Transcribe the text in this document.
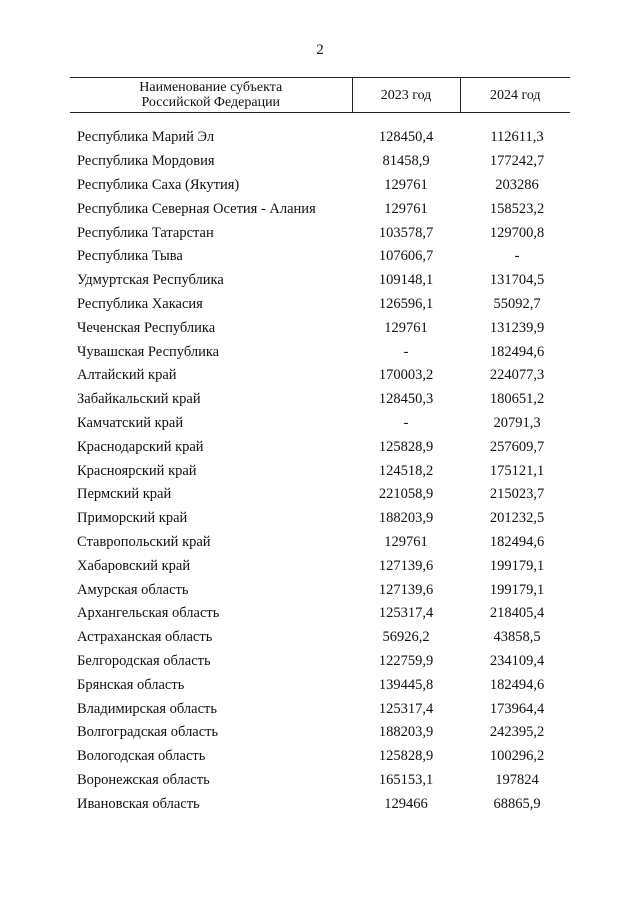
2
Наименование субъекта
Российской Федерации	2023 год	2024 год

Республика Марий Эл	128450,4	112611,3
Республика Мордовия	81458,9	177242,7
Республика Саха (Якутия)	129761	203286
Республика Северная Осетия - Алания	129761	158523,2
Республика Татарстан	103578,7	129700,8
Республика Тыва	107606,7	-
Удмуртская Республика	109148,1	131704,5
Республика Хакасия	126596,1	55092,7
Чеченская Республика	129761	131239,9
Чувашская Республика	-	182494,6
Алтайский край	170003,2	224077,3
Забайкальский край	128450,3	180651,2
Камчатский край	-	20791,3
Краснодарский край	125828,9	257609,7
Красноярский край	124518,2	175121,1
Пермский край	221058,9	215023,7
Приморский край	188203,9	201232,5
Ставропольский край	129761	182494,6
Хабаровский край	127139,6	199179,1
Амурская область	127139,6	199179,1
Архангельская область	125317,4	218405,4
Астраханская область	56926,2	43858,5
Белгородская область	122759,9	234109,4
Брянская область	139445,8	182494,6
Владимирская область	125317,4	173964,4
Волгоградская область	188203,9	242395,2
Вологодская область	125828,9	100296,2
Воронежская область	165153,1	197824
Ивановская область	129466	68865,9
